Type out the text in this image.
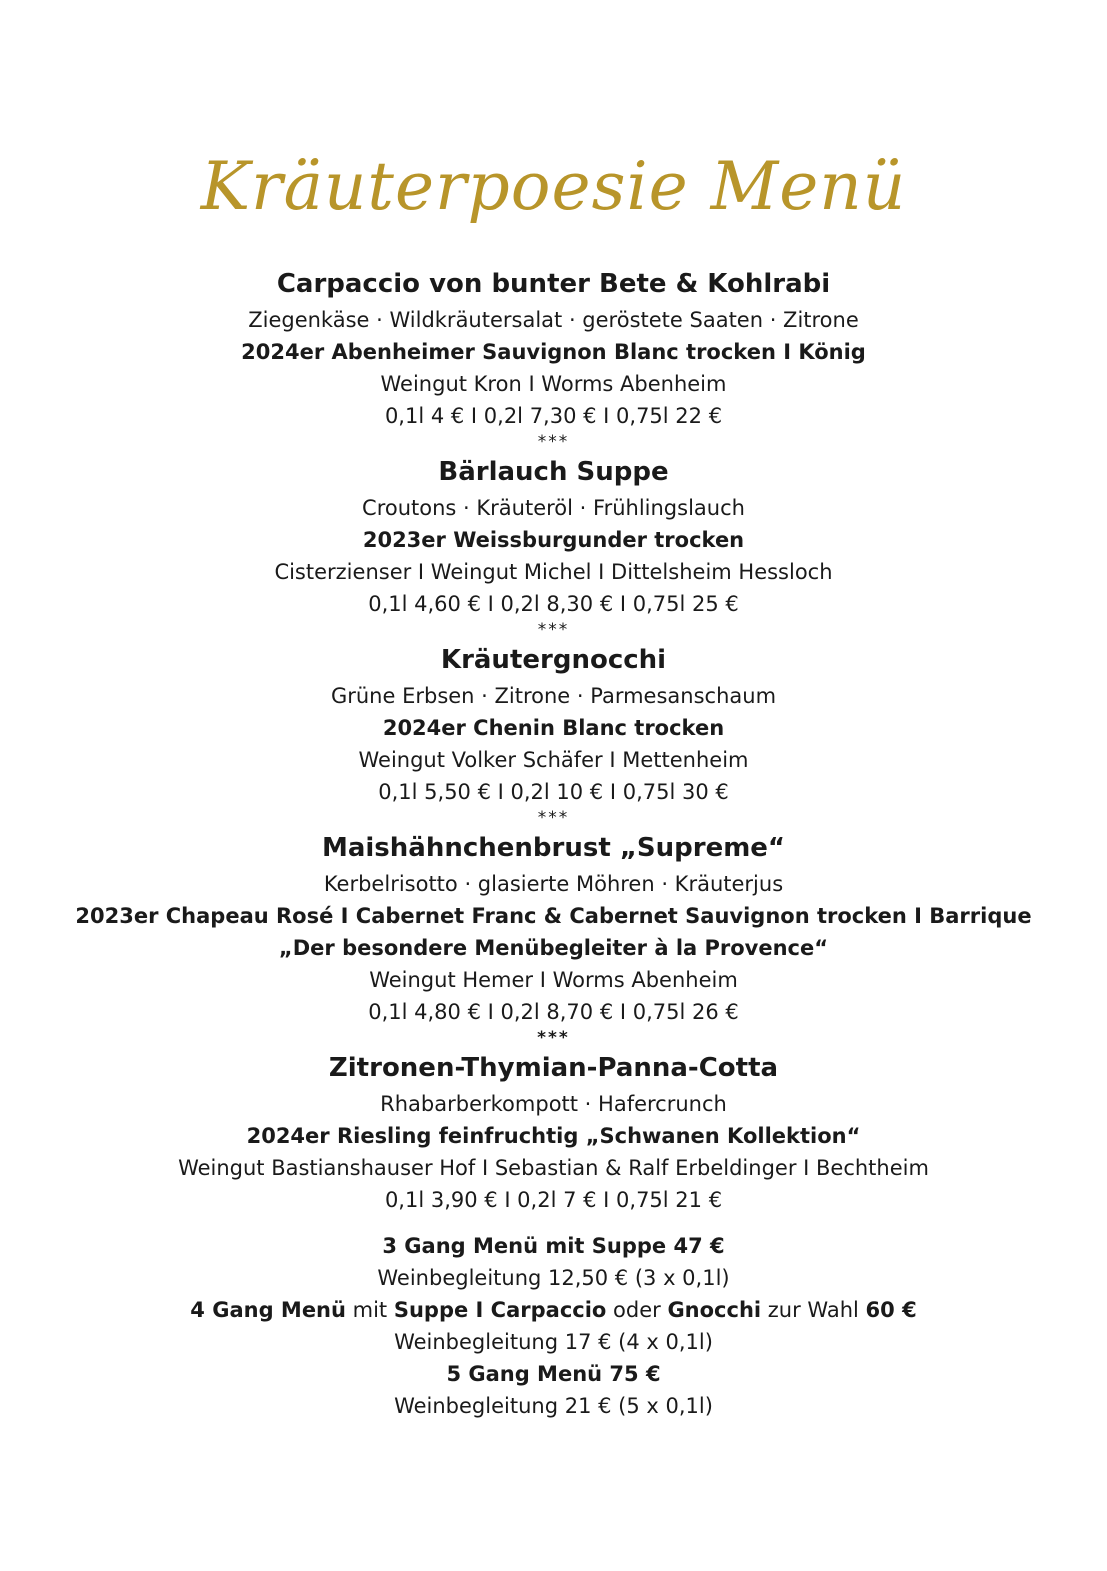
Kräuterpoesie Menü
Carpaccio von bunter Bete & Kohlrabi
Ziegenkäse · Wildkräutersalat · geröstete Saaten · Zitrone
2024er Abenheimer Sauvignon Blanc trocken I König
Weingut Kron I Worms Abenheim
0,1l 4 € I 0,2l 7,30 € I 0,75l 22 €
***
Bärlauch Suppe
Croutons · Kräuteröl · Frühlingslauch
2023er Weissburgunder trocken
Cisterzienser I Weingut Michel I Dittelsheim Hessloch
0,1l 4,60 € I 0,2l 8,30 € I 0,75l 25 €
***
Kräutergnocchi
Grüne Erbsen · Zitrone · Parmesanschaum
2024er Chenin Blanc trocken
Weingut Volker Schäfer I Mettenheim
0,1l 5,50 € I 0,2l 10 € I 0,75l 30 €
***
Maishähnchenbrust „Supreme“
Kerbelrisotto · glasierte Möhren · Kräuterjus
2023er Chapeau Rosé I Cabernet Franc & Cabernet Sauvignon trocken I Barrique
„Der besondere Menübegleiter à la Provence“
Weingut Hemer I Worms Abenheim
0,1l 4,80 € I 0,2l 8,70 € I 0,75l 26 €
***
Zitronen-Thymian-Panna-Cotta
Rhabarberkompott · Hafercrunch
2024er Riesling feinfruchtig „Schwanen Kollektion“
Weingut Bastianshauser Hof I Sebastian & Ralf Erbeldinger I Bechtheim
0,1l 3,90 € I 0,2l 7 € I 0,75l 21 €
3 Gang Menü mit Suppe 47 €
Weinbegleitung 12,50 € (3 x 0,1l)
4 Gang Menü mit Suppe I Carpaccio oder Gnocchi zur Wahl 60 €
Weinbegleitung 17 € (4 x 0,1l)
5 Gang Menü 75 €
Weinbegleitung 21 € (5 x 0,1l)
